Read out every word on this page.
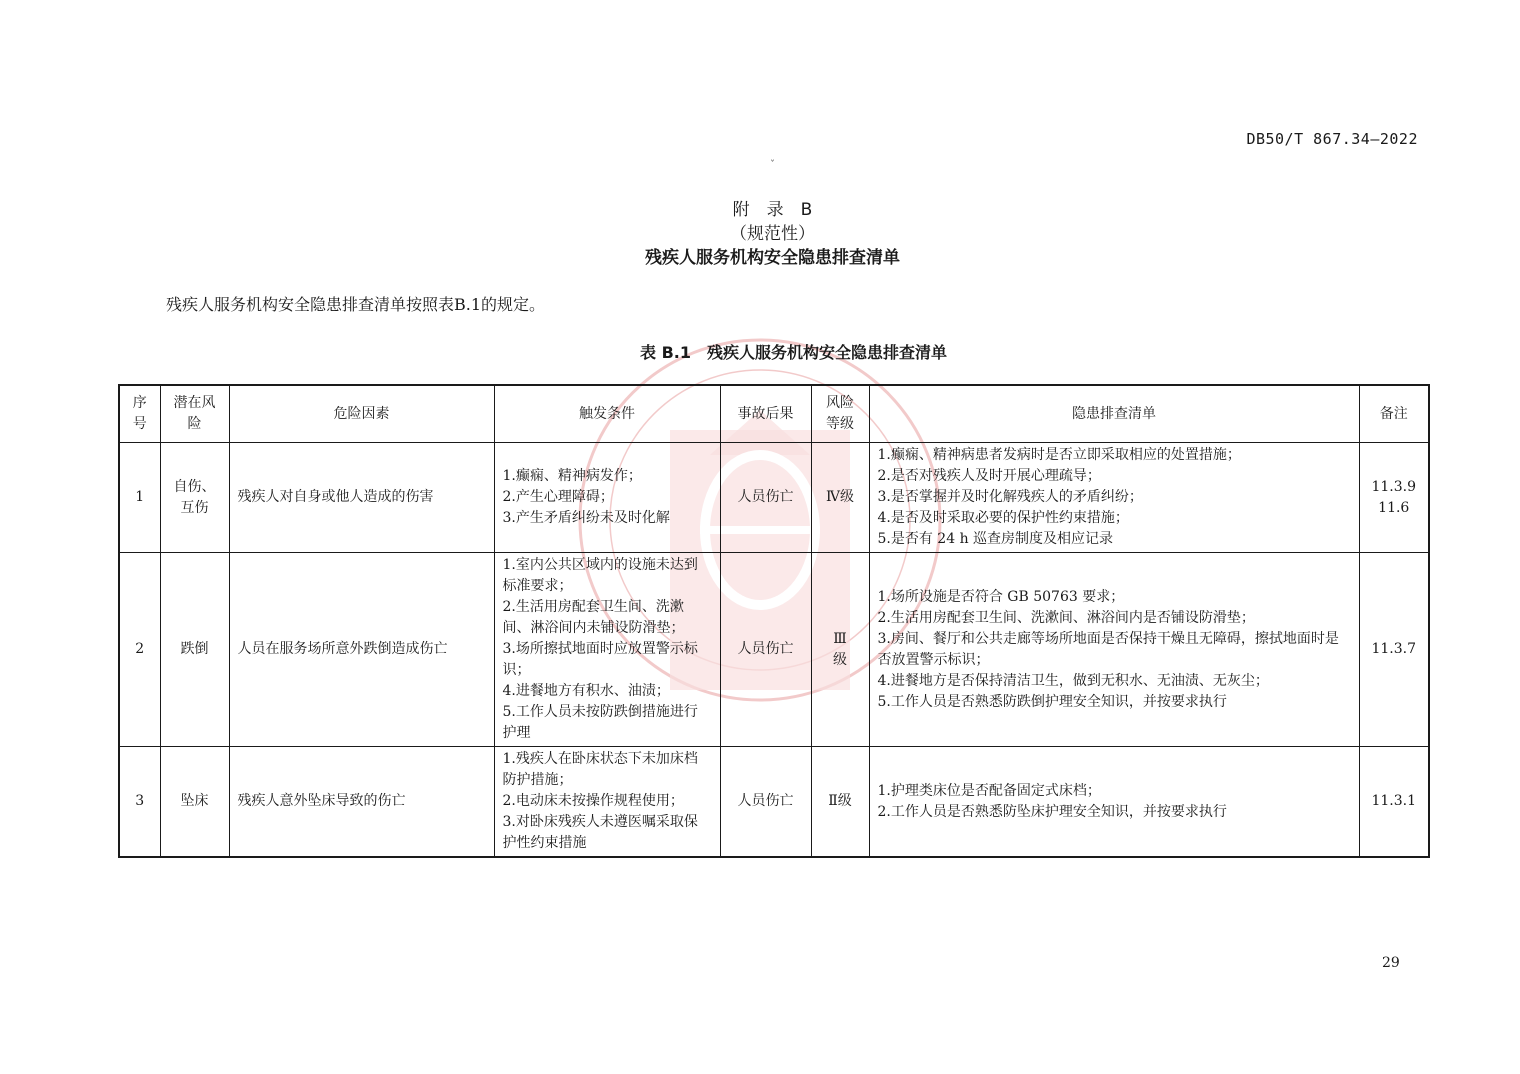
DB50/T 867.34—2022
ˇ
附　录　B
（规范性）
残疾人服务机构安全隐患排查清单
残疾人服务机构安全隐患排查清单按照表B.1的规定。
表 B.1　残疾人服务机构安全隐患排查清单
序 号	潜在风 险	危险因素	触发条件	事故后果	风险 等级	隐患排查清单	备注
1	自伤、
互伤	残疾人对自身或他人造成的伤害	1.癫痫、精神病发作；
2.产生心理障碍；
3.产生矛盾纠纷未及时化解	人员伤亡	Ⅳ级	1.癫痫、精神病患者发病时是否立即采取相应的处置措施；
2.是否对残疾人及时开展心理疏导；
3.是否掌握并及时化解残疾人的矛盾纠纷；
4.是否及时采取必要的保护性约束措施；
5.是否有 24 h 巡查房制度及相应记录	11.3.9
11.6

2	跌倒	人员在服务场所意外跌倒造成伤亡	1.室内公共区域内的设施未达到标准要求；
2.生活用房配套卫生间、洗漱间、淋浴间内未铺设防滑垫；
3.场所擦拭地面时应放置警示标识；
4.进餐地方有积水、油渍；
5.工作人员未按防跌倒措施进行护理	人员伤亡	Ⅲ
级	1.场所设施是否符合 GB 50763 要求；
2.生活用房配套卫生间、洗漱间、淋浴间内是否铺设防滑垫；
3.房间、餐厅和公共走廊等场所地面是否保持干燥且无障碍，擦拭地面时是否放置警示标识；
4.进餐地方是否保持清洁卫生，做到无积水、无油渍、无灰尘；
5.工作人员是否熟悉防跌倒护理安全知识，并按要求执行	11.3.7

3	坠床	残疾人意外坠床导致的伤亡	1.残疾人在卧床状态下未加床档防护措施；
2.电动床未按操作规程使用；
3.对卧床残疾人未遵医嘱采取保护性约束措施	人员伤亡	Ⅱ级	1.护理类床位是否配备固定式床档；
2.工作人员是否熟悉防坠床护理安全知识，并按要求执行	11.3.1
29
